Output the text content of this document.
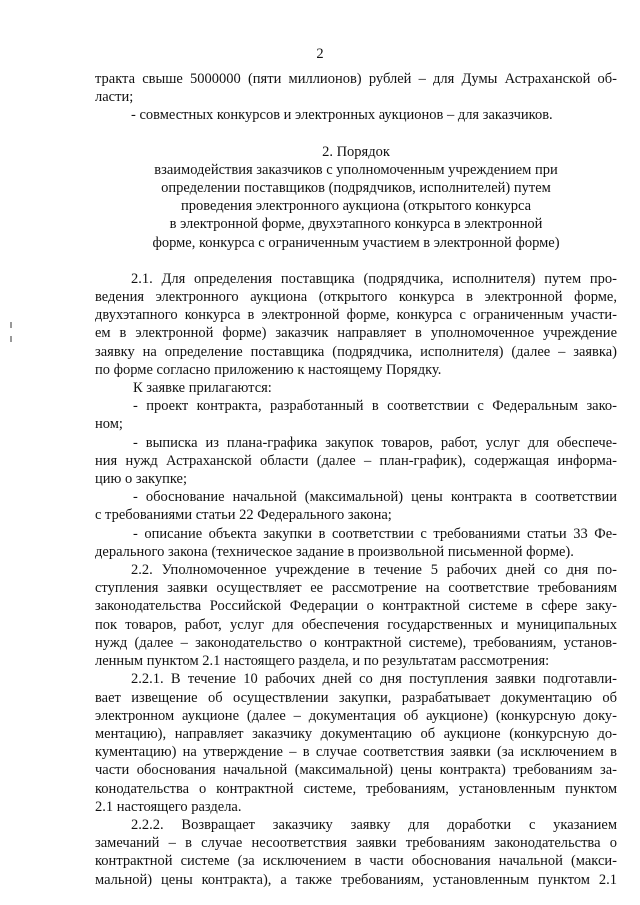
2
тракта свыше 5000000 (пяти миллионов) рублей – для Думы Астраханской об-
ласти;
- совместных конкурсов и электронных аукционов – для заказчиков.
2. Порядок
взаимодействия заказчиков с уполномоченным учреждением при
определении поставщиков (подрядчиков, исполнителей) путем
проведения электронного аукциона (открытого конкурса
в электронной форме, двухэтапного конкурса в электронной
форме, конкурса с ограниченным участием в электронной форме)
2.1. Для определения поставщика (подрядчика, исполнителя) путем про-
ведения электронного аукциона (открытого конкурса в электронной форме,
двухэтапного конкурса в электронной форме, конкурса с ограниченным участи-
ем в электронной форме) заказчик направляет в уполномоченное учреждение
заявку на определение поставщика (подрядчика, исполнителя) (далее – заявка)
по форме согласно приложению к настоящему Порядку.
К заявке прилагаются:
- проект контракта, разработанный в соответствии с Федеральным зако-
ном;
- выписка из плана-графика закупок товаров, работ, услуг для обеспече-
ния нужд Астраханской области (далее – план-график), содержащая информа-
цию о закупке;
- обоснование начальной (максимальной) цены контракта в соответствии
с требованиями статьи 22 Федерального закона;
- описание объекта закупки в соответствии с требованиями статьи 33 Фе-
дерального закона (техническое задание в произвольной письменной форме).
2.2. Уполномоченное учреждение в течение 5 рабочих дней со дня по-
ступления заявки осуществляет ее рассмотрение на соответствие требованиям
законодательства Российской Федерации о контрактной системе в сфере заку-
пок товаров, работ, услуг для обеспечения государственных и муниципальных
нужд (далее – законодательство о контрактной системе), требованиям, установ-
ленным пунктом 2.1 настоящего раздела, и по результатам рассмотрения:
2.2.1. В течение 10 рабочих дней со дня поступления заявки подготавли-
вает извещение об осуществлении закупки, разрабатывает документацию об
электронном аукционе (далее – документация об аукционе) (конкурсную доку-
ментацию), направляет заказчику документацию об аукционе (конкурсную до-
кументацию) на утверждение – в случае соответствия заявки (за исключением в
части обоснования начальной (максимальной) цены контракта) требованиям за-
конодательства о контрактной системе, требованиям, установленным пунктом
2.1 настоящего раздела.
2.2.2. Возвращает заказчику заявку для доработки с указанием
замечаний – в случае несоответствия заявки требованиям законодательства о
контрактной системе (за исключением в части обоснования начальной (макси-
мальной) цены контракта), а также требованиям, установленным пунктом 2.1
